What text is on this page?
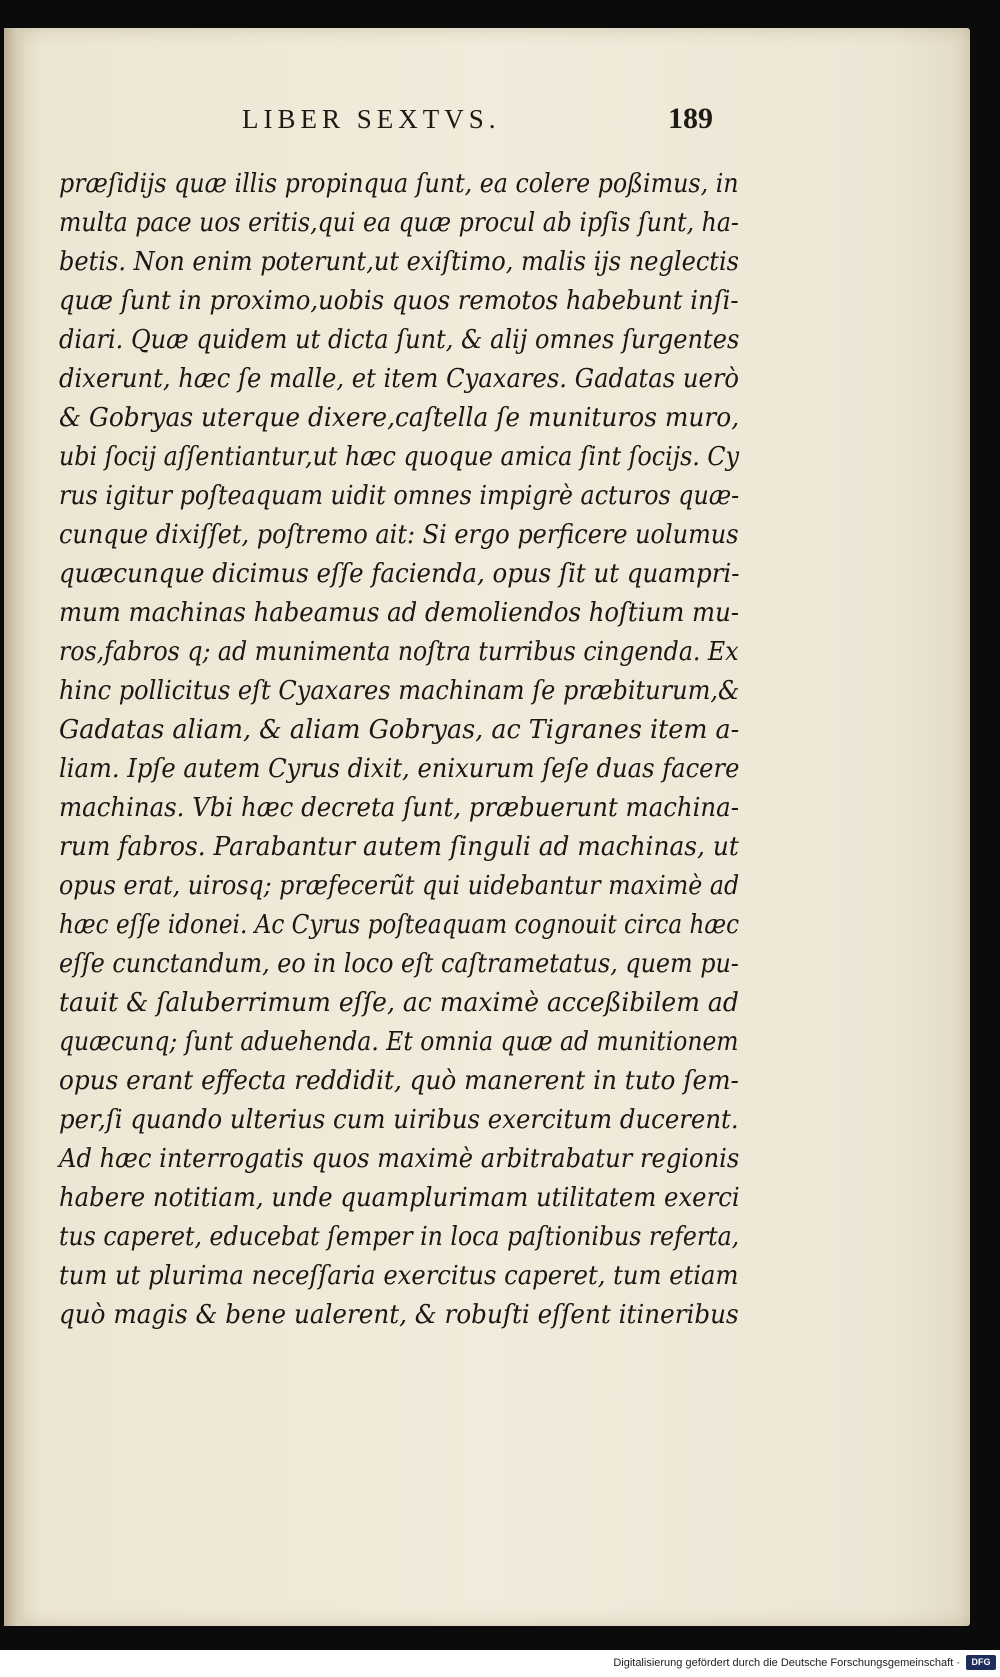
LIBER SEXTVS.	189
præſidijs quæ illis propinqua ſunt, ea colere poßimus, in
multa pace uos eritis,qui ea quæ procul ab ipſis ſunt, ha-
betis. Non enim poterunt,ut exiſtimo, malis ijs neglectis
quæ ſunt in proximo,uobis quos remotos habebunt inſi-
diari. Quæ quidem ut dicta ſunt, & alij omnes ſurgentes
dixerunt, hæc ſe malle, et item Cyaxares. Gadatas uerò
& Gobryas uterque dixere,caſtella ſe munituros muro,
ubi ſocij aſſentiantur,ut hæc quoque amica ſint ſocijs. Cy
rus igitur poſteaquam uidit omnes impigrè acturos quæ-
cunque dixiſſet, poſtremo ait: Si ergo perficere uolumus
quæcunque dicimus eſſe facienda, opus ſit ut quampri-
mum machinas habeamus ad demoliendos hoſtium mu-
ros,fabros q; ad munimenta noſtra turribus cingenda. Ex
hinc pollicitus eſt Cyaxares machinam ſe præbiturum,&
Gadatas aliam, & aliam Gobryas, ac Tigranes item a-
liam. Ipſe autem Cyrus dixit, enixurum ſeſe duas facere
machinas. Vbi hæc decreta ſunt, præbuerunt machina-
rum fabros. Parabantur autem ſinguli ad machinas, ut
opus erat, uirosq; præfecerũt qui uidebantur maximè ad
hæc eſſe idonei. Ac Cyrus poſteaquam cognouit circa hæc
eſſe cunctandum, eo in loco eſt caſtrametatus, quem pu-
tauit & ſaluberrimum eſſe, ac maximè acceßibilem ad
quæcunq; ſunt aduehenda. Et omnia quæ ad munitionem
opus erant effecta reddidit, quò manerent in tuto ſem-
per,ſi quando ulterius cum uiribus exercitum ducerent.
Ad hæc interrogatis quos maximè arbitrabatur regionis
habere notitiam, unde quamplurimam utilitatem exerci
tus caperet, educebat ſemper in loca paſtionibus referta,
tum ut plurima neceſſaria exercitus caperet, tum etiam
quò magis & bene ualerent, & robuſti eſſent itineribus
Digitalisierung gefördert durch die Deutsche Forschungsgemeinschaft ·	DFG
